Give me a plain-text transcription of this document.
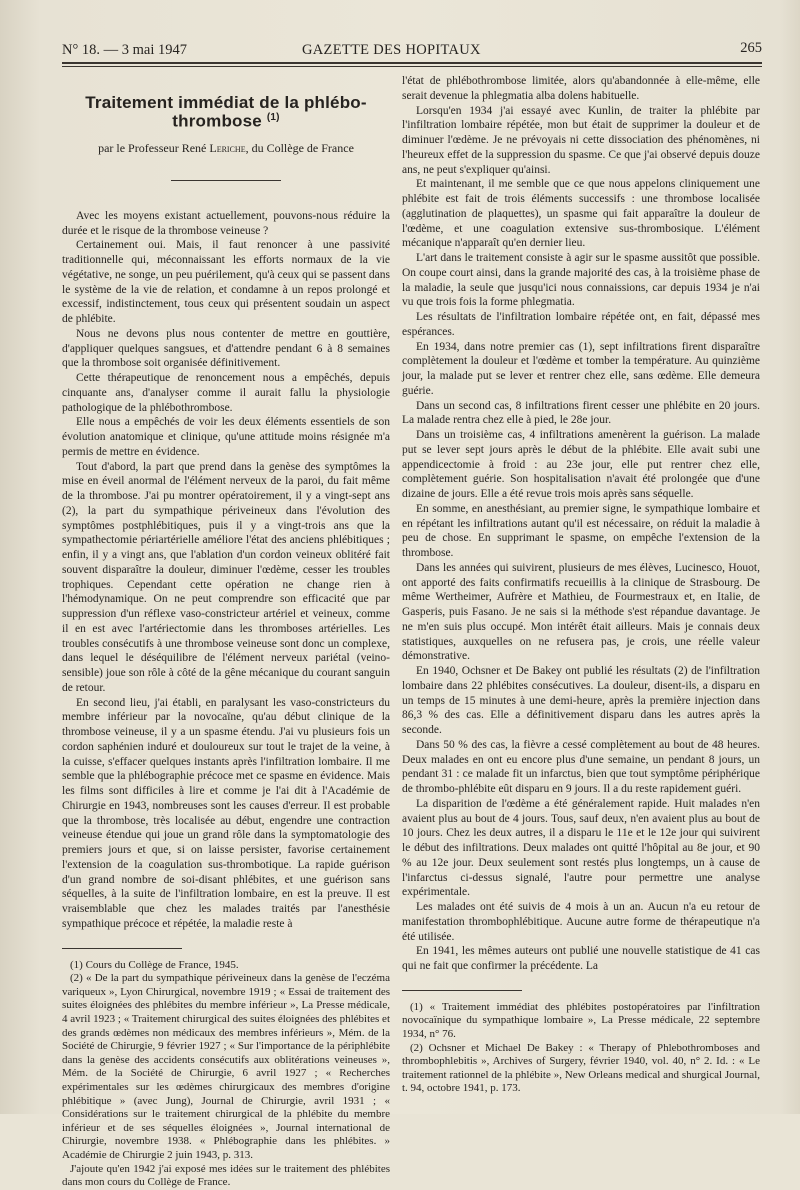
N° 18. — 3 mai 1947	GAZETTE DES HOPITAUX	265
Traitement immédiat de la phlébo-thrombose $^{(1)}$
par le Professeur René Leriche, du Collège de France

Avec les moyens existant actuellement, pouvons-nous réduire la durée et le risque de la thrombose veineuse ?

Certainement oui. Mais, il faut renoncer à une passivité traditionnelle qui, méconnaissant les efforts normaux de la vie végétative, ne songe, un peu puérilement, qu'à ceux qui se passent dans le système de la vie de relation, et condamne à un repos prolongé et excessif, indistinctement, tous ceux qui présentent soudain un aspect de phlébite.

Nous ne devons plus nous contenter de mettre en gouttière, d'appliquer quelques sangsues, et d'attendre pendant 6 à 8 semaines que la thrombose soit organisée définitivement.

Cette thérapeutique de renoncement nous a empêchés, depuis cinquante ans, d'analyser comme il aurait fallu la physiologie pathologique de la phlébothrombose.

Elle nous a empêchés de voir les deux éléments essentiels de son évolution anatomique et clinique, qu'une attitude moins résignée m'a permis de mettre en évidence.

Tout d'abord, la part que prend dans la genèse des symptômes la mise en éveil anormal de l'élément nerveux de la paroi, du fait même de la thrombose. J'ai pu montrer opératoirement, il y a vingt-sept ans (2), la part du sympathique périveineux dans l'évolution des symptômes postphlébitiques, puis il y a vingt-trois ans que la sympathectomie périartérielle améliore l'état des anciens phlébitiques ; enfin, il y a vingt ans, que l'ablation d'un cordon veineux oblitéré fait souvent disparaître la douleur, diminuer l'œdème, cesser les troubles trophiques. Cependant cette opération ne change rien à l'hémodynamique. On ne peut comprendre son efficacité que par suppression d'un réflexe vaso-constricteur artériel et veineux, comme il en est avec l'artériectomie dans les thromboses artérielles. Les troubles consécutifs à une thrombose veineuse sont donc un complexe, dans lequel le déséquilibre de l'élément nerveux pariétal (veino-sensible) joue son rôle à côté de la gêne mécanique du courant sanguin de retour.

En second lieu, j'ai établi, en paralysant les vaso-constricteurs du membre inférieur par la novocaïne, qu'au début clinique de la thrombose veineuse, il y a un spasme étendu. J'ai vu plusieurs fois un cordon saphénien induré et douloureux sur tout le trajet de la veine, à la cuisse, s'effacer quelques instants après l'infiltration lombaire. Il me semble que la phlébographie précoce met ce spasme en évidence. Mais les films sont difficiles à lire et comme je l'ai dit à l'Académie de Chirurgie en 1943, nombreuses sont les causes d'erreur. Il est probable que la thrombose, très localisée au début, engendre une contraction veineuse étendue qui joue un grand rôle dans la symptomatologie des premiers jours et que, si on laisse persister, favorise certainement l'extension de la coagulation sus-thrombotique. La rapide guérison d'un grand nombre de soi-disant phlébites, et une guérison sans séquelles, à la suite de l'infiltration lombaire, en est la preuve. Il est vraisemblable que chez les malades traités par l'anesthésie sympathique précoce et répétée, la maladie reste à

(1) Cours du Collège de France, 1945.

(2) « De la part du sympathique périveineux dans la genèse de l'eczéma variqueux », Lyon Chirurgical, novembre 1919 ; « Essai de traitement des suites éloignées des phlébites du membre inférieur », La Presse médicale, 4 avril 1923 ; « Traitement chirurgical des suites éloignées des phlébites et des grands œdèmes non médicaux des membres inférieurs », Mém. de la Société de Chirurgie, 9 février 1927 ; « Sur l'importance de la périphlébite dans la genèse des accidents consécutifs aux oblitérations veineuses », Mém. de la Société de Chirurgie, 6 avril 1927 ; « Recherches expérimentales sur les œdèmes chirurgicaux des membres d'origine phlébitique » (avec Jung), Journal de Chirurgie, avril 1931 ; « Considérations sur le traitement chirurgical de la phlébite du membre inférieur et de ses séquelles éloignées », Journal international de Chirurgie, novembre 1938. « Phlébographie dans les phlébites. » Académie de Chirurgie 2 juin 1943, p. 313.

J'ajoute qu'en 1942 j'ai exposé mes idées sur le traitement des phlébites dans mon cours du Collège de France.

l'état de phlébothrombose limitée, alors qu'abandonnée à elle-même, elle serait devenue la phlegmatia alba dolens habituelle.

Lorsqu'en 1934 j'ai essayé avec Kunlin, de traiter la phlébite par l'infiltration lombaire répétée, mon but était de supprimer la douleur et de diminuer l'œdème. Je ne prévoyais ni cette dissociation des phénomènes, ni l'heureux effet de la suppression du spasme. Ce que j'ai observé depuis douze ans, ne peut s'expliquer qu'ainsi.

Et maintenant, il me semble que ce que nous appelons cliniquement une phlébite est fait de trois éléments successifs : une thrombose localisée (agglutination de plaquettes), un spasme qui fait apparaître la douleur de l'œdème, et une coagulation extensive sus-thrombosique. L'élément mécanique n'apparaît qu'en dernier lieu.

L'art dans le traitement consiste à agir sur le spasme aussitôt que possible. On coupe court ainsi, dans la grande majorité des cas, à la troisième phase de la maladie, la seule que jusqu'ici nous connaissions, car depuis 1934 je n'ai vu que trois fois la forme phlegmatia.

Les résultats de l'infiltration lombaire répétée ont, en fait, dépassé mes espérances.

En 1934, dans notre premier cas (1), sept infiltrations firent disparaître complètement la douleur et l'œdème et tomber la température. Au quinzième jour, la malade put se lever et rentrer chez elle, sans œdème. Elle demeura guérie.

Dans un second cas, 8 infiltrations firent cesser une phlébite en 20 jours. La malade rentra chez elle à pied, le 28e jour.

Dans un troisième cas, 4 infiltrations amenèrent la guérison. La malade put se lever sept jours après le début de la phlébite. Elle avait subi une appendicectomie à froid : au 23e jour, elle put rentrer chez elle, complètement guérie. Son hospitalisation n'avait été prolongée que d'une dizaine de jours. Elle a été revue trois mois après sans séquelle.

En somme, en anesthésiant, au premier signe, le sympathique lombaire et en répétant les infiltrations autant qu'il est nécessaire, on réduit la maladie à peu de chose. En supprimant le spasme, on empêche l'extension de la thrombose.

Dans les années qui suivirent, plusieurs de mes élèves, Lucinesco, Houot, ont apporté des faits confirmatifs recueillis à la clinique de Strasbourg. De même Wertheimer, Aufrère et Mathieu, de Fourmestraux et, en Italie, de Gasperis, puis Fasano. Je ne sais si la méthode s'est répandue davantage. Je ne m'en suis plus occupé. Mon intérêt était ailleurs. Mais je connais deux statistiques, auxquelles on ne refusera pas, je crois, une réelle valeur démonstrative.

En 1940, Ochsner et De Bakey ont publié les résultats (2) de l'infiltration lombaire dans 22 phlébites consécutives. La douleur, disent-ils, a disparu en un temps de 15 minutes à une demi-heure, après la première injection dans 86,3 % des cas. Elle a définitivement disparu dans les autres après la seconde.

Dans 50 % des cas, la fièvre a cessé complètement au bout de 48 heures. Deux malades en ont eu encore plus d'une semaine, un pendant 8 jours, un pendant 31 : ce malade fit un infarctus, bien que tout symptôme périphérique de thrombo-phlébite eût disparu en 9 jours. Il a du reste rapidement guéri.

La disparition de l'œdème a été généralement rapide. Huit malades n'en avaient plus au bout de 4 jours. Tous, sauf deux, n'en avaient plus au bout de 10 jours. Chez les deux autres, il a disparu le 11e et le 12e jour qui suivirent le début des infiltrations. Deux malades ont quitté l'hôpital au 8e jour, et 90 % au 12e jour. Deux seulement sont restés plus longtemps, un à cause de l'infarctus ci-dessus signalé, l'autre pour permettre une analyse expérimentale.

Les malades ont été suivis de 4 mois à un an. Aucun n'a eu retour de manifestation thrombophlébitique. Aucune autre forme de thérapeutique n'a été utilisée.

En 1941, les mêmes auteurs ont publié une nouvelle statistique de 41 cas qui ne fait que confirmer la précédente. La

(1) « Traitement immédiat des phlébites postopératoires par l'infiltration novocaïnique du sympathique lombaire », La Presse médicale, 22 septembre 1934, n° 76.

(2) Ochsner et Michael De Bakey : « Therapy of Phlebothromboses and thrombophlebitis », Archives of Surgery, février 1940, vol. 40, n° 2. Id. : « Le traitement rationnel de la phlébite », New Orleans medical and shurgical Journal, t. 94, octobre 1941, p. 173.
